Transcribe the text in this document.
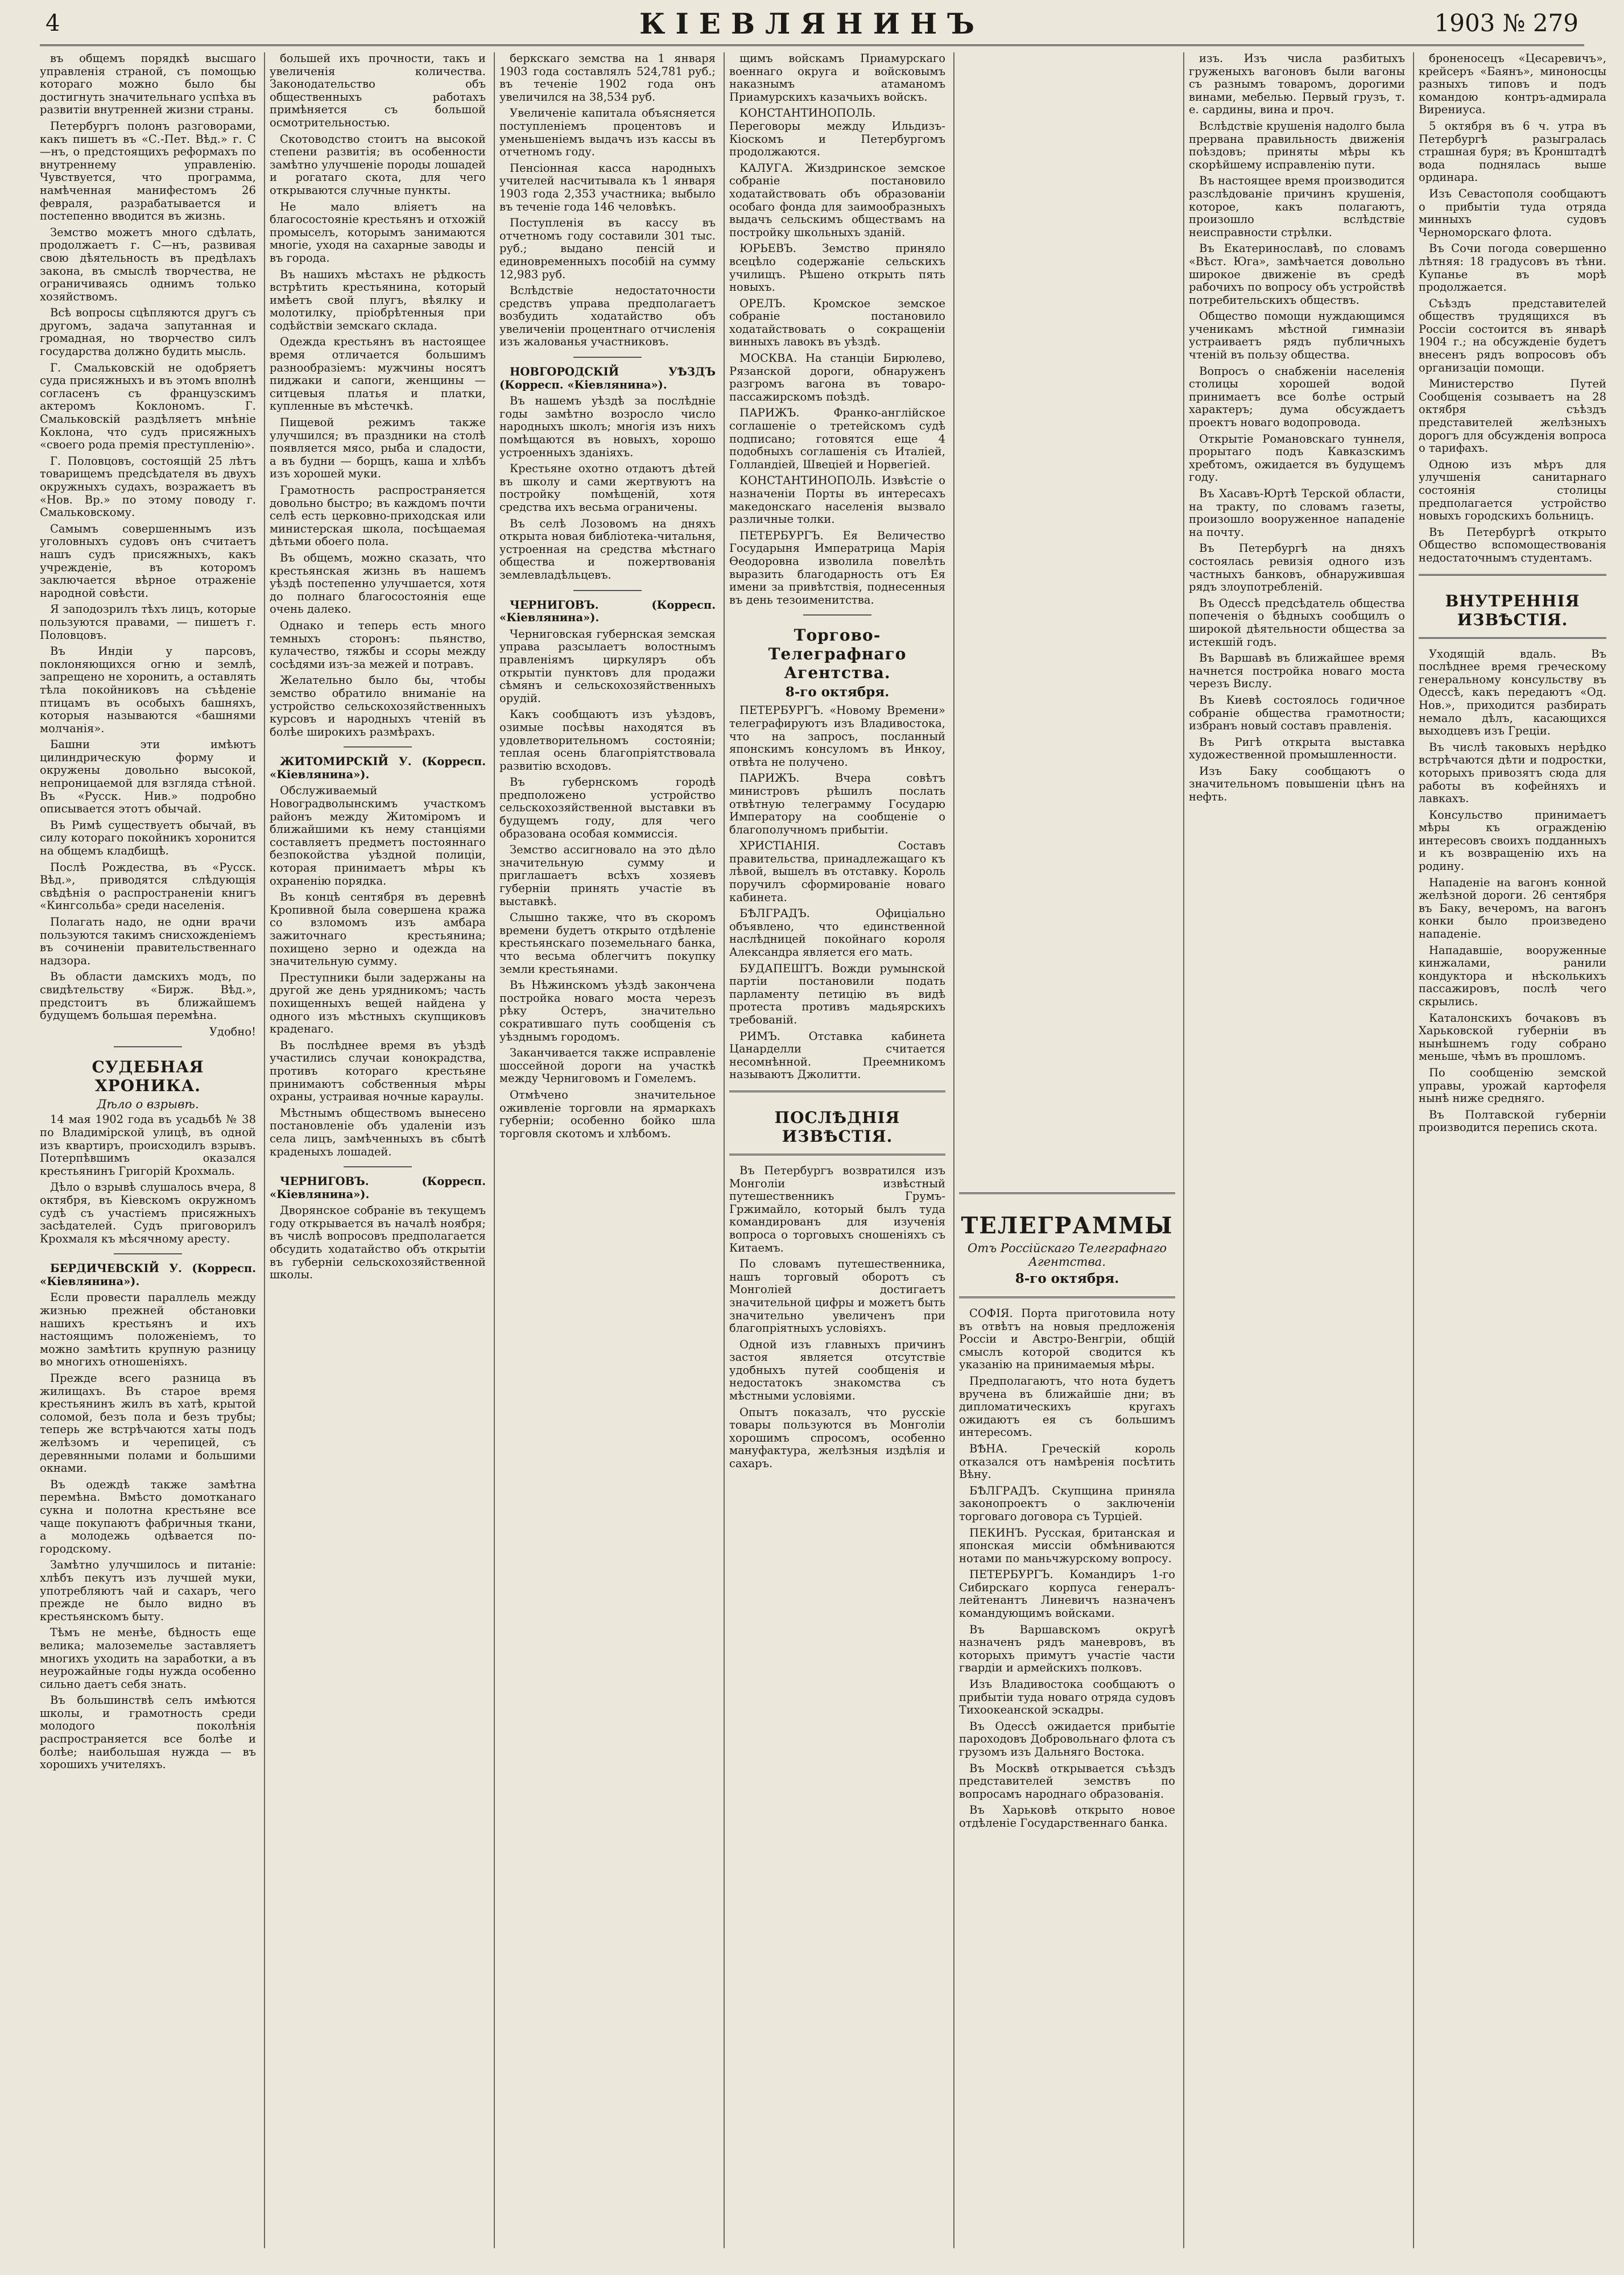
4	КІЕВЛЯНИНЪ	1903 № 279

въ общемъ порядкѣ высшаго управленія страной, съ помощью котораго можно было бы достигнуть значительнаго успѣха въ развитіи внутренней жизни страны.

Петербургъ полонъ разговорами, какъ пишетъ въ «С.-Пет. Вѣд.» г. С—нъ, о предстоящихъ реформахъ по внутреннему управленію. Чувствуется, что программа, намѣченная манифестомъ 26 февраля, разрабатывается и постепенно вводится въ жизнь.

Земство можетъ много сдѣлать, продолжаетъ г. С—нъ, развивая свою дѣятельность въ предѣлахъ закона, въ смыслѣ творчества, не ограничиваясь однимъ только хозяйствомъ.

Всѣ вопросы сцѣпляются другъ съ другомъ, задача запутанная и громадная, но творчество силъ государства должно будить мысль.

Г. Смальковскій не одобряетъ суда присяжныхъ и въ этомъ вполнѣ согласенъ съ французскимъ актеромъ Коклономъ. Г. Смальковскій раздѣляетъ мнѣніе Коклона, что судъ присяжныхъ «своего рода премія преступленію».

Г. Половцовъ, состоящій 25 лѣтъ товарищемъ предсѣдателя въ двухъ окружныхъ судахъ, возражаетъ въ «Нов. Вр.» по этому поводу г. Смальковскому.

Самымъ совершеннымъ изъ уголовныхъ судовъ онъ считаетъ нашъ судъ присяжныхъ, какъ учрежденіе, въ которомъ заключается вѣрное отраженіе народной совѣсти.

Я заподозрилъ тѣхъ лицъ, которые пользуются правами, — пишетъ г. Половцовъ.

Въ Индіи у парсовъ, поклоняющихся огню и землѣ, запрещено не хоронить, а оставлять тѣла покойниковъ на съѣденіе птицамъ въ особыхъ башняхъ, которыя называются «башнями молчанія».

Башни эти имѣютъ цилиндрическую форму и окружены довольно высокой, непроницаемой для взгляда стѣной. Въ «Русск. Нив.» подробно описывается этотъ обычай.

Въ Римѣ существуетъ обычай, въ силу котораго покойникъ хоронится на общемъ кладбищѣ.

Послѣ Рождества, въ «Русск. Вѣд.», приводятся слѣдующія свѣдѣнія о распространеніи книгъ «Кингсольба» среди населенія.

Полагать надо, не одни врачи пользуются такимъ снисхожденіемъ въ сочиненіи правительственнаго надзора.

Въ области дамскихъ модъ, по свидѣтельству «Бирж. Вѣд.», предстоитъ въ ближайшемъ будущемъ большая перемѣна.

Удобно!

СУДЕБНАЯ ХРОНИКА.
Дѣло о взрывѣ.

14 мая 1902 года въ усадьбѣ № 38 по Владимірской улицѣ, въ одной изъ квартиръ, происходилъ взрывъ. Потерпѣвшимъ оказался крестьянинъ Григорій Крохмаль.

Дѣло о взрывѣ слушалось вчера, 8 октября, въ Кіевскомъ окружномъ судѣ съ участіемъ присяжныхъ засѣдателей. Судъ приговорилъ Крохмаля къ мѣсячному аресту.

БЕРДИЧЕВСКІЙ У. (Корресп. «Кіевлянина»).

Если провести параллель между жизнью прежней обстановки нашихъ крестьянъ и ихъ настоящимъ положеніемъ, то можно замѣтить крупную разницу во многихъ отношеніяхъ.

Прежде всего разница въ жилищахъ. Въ старое время крестьянинъ жилъ въ хатѣ, крытой соломой, безъ пола и безъ трубы; теперь же встрѣчаются хаты подъ желѣзомъ и черепицей, съ деревянными полами и большими окнами.

Въ одеждѣ также замѣтна перемѣна. Вмѣсто домотканаго сукна и полотна крестьяне все чаще покупаютъ фабричныя ткани, а молодежь одѣвается по-городскому.

Замѣтно улучшилось и питаніе: хлѣбъ пекутъ изъ лучшей муки, употребляютъ чай и сахаръ, чего прежде не было видно въ крестьянскомъ быту.

Тѣмъ не менѣе, бѣдность еще велика; малоземелье заставляетъ многихъ уходить на заработки, а въ неурожайные годы нужда особенно сильно даетъ себя знать.

Въ большинствѣ селъ имѣются школы, и грамотность среди молодого поколѣнія распространяется все болѣе и болѣе; наибольшая нужда — въ хорошихъ учителяхъ.

большей ихъ прочности, такъ и увеличенія количества. Законодательство объ общественныхъ работахъ примѣняется съ большой осмотрительностью.

Скотоводство стоитъ на высокой степени развитія; въ особенности замѣтно улучшеніе породы лошадей и рогатаго скота, для чего открываются случные пункты.

Не мало вліяетъ на благосостояніе крестьянъ и отхожій промыселъ, которымъ занимаются многіе, уходя на сахарные заводы и въ города.

Въ нашихъ мѣстахъ не рѣдкость встрѣтить крестьянина, который имѣетъ свой плугъ, вѣялку и молотилку, пріобрѣтенныя при содѣйствіи земскаго склада.

Одежда крестьянъ въ настоящее время отличается большимъ разнообразіемъ: мужчины носятъ пиджаки и сапоги, женщины — ситцевыя платья и платки, купленные въ мѣстечкѣ.

Пищевой режимъ также улучшился; въ праздники на столѣ появляется мясо, рыба и сладости, а въ будни — борщъ, каша и хлѣбъ изъ хорошей муки.

Грамотность распространяется довольно быстро; въ каждомъ почти селѣ есть церковно-приходская или министерская школа, посѣщаемая дѣтьми обоего пола.

Въ общемъ, можно сказать, что крестьянская жизнь въ нашемъ уѣздѣ постепенно улучшается, хотя до полнаго благосостоянія еще очень далеко.

Однако и теперь есть много темныхъ сторонъ: пьянство, кулачество, тяжбы и ссоры между сосѣдями изъ-за межей и потравъ.

Желательно было бы, чтобы земство обратило вниманіе на устройство сельскохозяйственныхъ курсовъ и народныхъ чтеній въ болѣе широкихъ размѣрахъ.

ЖИТОМИРСКІЙ У. (Корресп. «Кіевлянина»).

Обслуживаемый Новоградволынскимъ участкомъ районъ между Житоміромъ и ближайшими къ нему станціями составляетъ предметъ постояннаго безпокойства уѣздной полиціи, которая принимаетъ мѣры къ охраненію порядка.

Въ концѣ сентября въ деревнѣ Кропивной была совершена кража со взломомъ изъ амбара зажиточнаго крестьянина; похищено зерно и одежда на значительную сумму.

Преступники были задержаны на другой же день урядникомъ; часть похищенныхъ вещей найдена у одного изъ мѣстныхъ скупщиковъ краденаго.

Въ послѣднее время въ уѣздѣ участились случаи конокрадства, противъ котораго крестьяне принимаютъ собственныя мѣры охраны, устраивая ночные караулы.

Мѣстнымъ обществомъ вынесено постановленіе объ удаленіи изъ села лицъ, замѣченныхъ въ сбытѣ краденыхъ лошадей.

ЧЕРНИГОВЪ. (Корресп. «Кіевлянина»).

Дворянское собраніе въ текущемъ году открывается въ началѣ ноября; въ числѣ вопросовъ предполагается обсудить ходатайство объ открытіи въ губерніи сельскохозяйственной школы.

беркскаго земства на 1 января 1903 года составлялъ 524,781 руб.; въ теченіе 1902 года онъ увеличился на 38,534 руб.

Увеличеніе капитала объясняется поступленіемъ процентовъ и уменьшеніемъ выдачъ изъ кассы въ отчетномъ году.

Пенсіонная касса народныхъ учителей насчитывала къ 1 января 1903 года 2,353 участника; выбыло въ теченіе года 146 человѣкъ.

Поступленія въ кассу въ отчетномъ году составили 301 тыс. руб.; выдано пенсій и единовременныхъ пособій на сумму 12,983 руб.

Вслѣдствіе недостаточности средствъ управа предполагаетъ возбудить ходатайство объ увеличеніи процентнаго отчисленія изъ жалованья участниковъ.

НОВГОРОДСКІЙ УѢЗДЪ (Корресп. «Кіевлянина»).

Въ нашемъ уѣздѣ за послѣдніе годы замѣтно возросло число народныхъ школъ; многія изъ нихъ помѣщаются въ новыхъ, хорошо устроенныхъ зданіяхъ.

Крестьяне охотно отдаютъ дѣтей въ школу и сами жертвуютъ на постройку помѣщеній, хотя средства ихъ весьма ограничены.

Въ селѣ Лозовомъ на дняхъ открыта новая библіотека-читальня, устроенная на средства мѣстнаго общества и пожертвованія землевладѣльцевъ.

ЧЕРНИГОВЪ. (Корресп. «Кіевлянина»).

Черниговская губернская земская управа разсылаетъ волостнымъ правленіямъ циркуляръ объ открытіи пунктовъ для продажи сѣмянъ и сельскохозяйственныхъ орудій.

Какъ сообщаютъ изъ уѣздовъ, озимые посѣвы находятся въ удовлетворительномъ состояніи; теплая осень благопріятствовала развитію всходовъ.

Въ губернскомъ городѣ предположено устройство сельскохозяйственной выставки въ будущемъ году, для чего образована особая коммиссія.

Земство ассигновало на это дѣло значительную сумму и приглашаетъ всѣхъ хозяевъ губерніи принять участіе въ выставкѣ.

Слышно также, что въ скоромъ времени будетъ открыто отдѣленіе крестьянскаго поземельнаго банка, что весьма облегчитъ покупку земли крестьянами.

Въ Нѣжинскомъ уѣздѣ закончена постройка новаго моста черезъ рѣку Остеръ, значительно сократившаго путь сообщенія съ уѣзднымъ городомъ.

Заканчивается также исправленіе шоссейной дороги на участкѣ между Черниговомъ и Гомелемъ.

Отмѣчено значительное оживленіе торговли на ярмаркахъ губерніи; особенно бойко шла торговля скотомъ и хлѣбомъ.

щимъ войскамъ Приамурскаго военнаго округа и войсковымъ наказнымъ атаманомъ Приамурскихъ казачьихъ войскъ.

КОНСТАНТИНОПОЛЬ. Переговоры между Ильдизъ-Кіоскомъ и Петербургомъ продолжаются.

КАЛУГА. Жиздринское земское собраніе постановило ходатайствовать объ образованіи особаго фонда для заимообразныхъ выдачъ сельскимъ обществамъ на постройку школьныхъ зданій.

ЮРЬЕВЪ. Земство приняло всецѣло содержаніе сельскихъ училищъ. Рѣшено открыть пять новыхъ.

ОРЕЛЪ. Кромское земское собраніе постановило ходатайствовать о сокращеніи винныхъ лавокъ въ уѣздѣ.

МОСКВА. На станціи Бирюлево, Рязанской дороги, обнаруженъ разгромъ вагона въ товаро-пассажирскомъ поѣздѣ.

ПАРИЖЪ. Франко-англійское соглашеніе о третейскомъ судѣ подписано; готовятся еще 4 подобныхъ соглашенія съ Италіей, Голландіей, Швеціей и Норвегіей.

КОНСТАНТИНОПОЛЬ. Извѣстіе о назначеніи Порты въ интересахъ македонскаго населенія вызвало различные толки.

ПЕТЕРБУРГЪ. Ея Величество Государыня Императрица Марія Ѳеодоровна изволила повелѣть выразить благодарность отъ Ея имени за привѣтствія, поднесенныя въ день тезоименитства.

Торгово-Телеграфнаго Агентства.
8-го октября.

ПЕТЕРБУРГЪ. «Новому Времени» телеграфируютъ изъ Владивостока, что на запросъ, посланный японскимъ консуломъ въ Инкоу, отвѣта не получено.

ПАРИЖЪ. Вчера совѣтъ министровъ рѣшилъ послать отвѣтную телеграмму Государю Императору на сообщеніе о благополучномъ прибытіи.

ХРИСТІАНІЯ. Составъ правительства, принадлежащаго къ лѣвой, вышелъ въ отставку. Король поручилъ сформированіе новаго кабинета.

БѢЛГРАДЪ. Офиціально объявлено, что единственной наслѣдницей покойнаго короля Александра является его мать.

БУДАПЕШТЪ. Вожди румынской партіи постановили подать парламенту петицію въ видѣ протеста противъ мадьярскихъ требованій.

РИМЪ. Отставка кабинета Цанарделли считается несомнѣнной. Преемникомъ называютъ Джолитти.

ПОСЛѢДНІЯ ИЗВѢСТІЯ.

Въ Петербургъ возвратился изъ Монголіи извѣстный путешественникъ Грумъ-Гржимайло, который былъ туда командированъ для изученія вопроса о торговыхъ сношеніяхъ съ Китаемъ.

По словамъ путешественника, нашъ торговый оборотъ съ Монголіей достигаетъ значительной цифры и можетъ быть значительно увеличенъ при благопріятныхъ условіяхъ.

Одной изъ главныхъ причинъ застоя является отсутствіе удобныхъ путей сообщенія и недостатокъ знакомства съ мѣстными условіями.

Опытъ показалъ, что русскіе товары пользуются въ Монголіи хорошимъ спросомъ, особенно мануфактура, желѣзныя издѣлія и сахаръ.

ТЕЛЕГРАММЫ
Отъ Россійскаго Телеграфнаго Агентства.
8-го октября.

СОФІЯ. Порта приготовила ноту въ отвѣтъ на новыя предложенія Россіи и Австро-Венгріи, общій смыслъ которой сводится къ указанію на принимаемыя мѣры.

Предполагаютъ, что нота будетъ вручена въ ближайшіе дни; въ дипломатическихъ кругахъ ожидаютъ ея съ большимъ интересомъ.

ВѢНА. Греческій король отказался отъ намѣренія посѣтить Вѣну.

БѢЛГРАДЪ. Скупщина приняла законопроектъ о заключеніи торговаго договора съ Турціей.

ПЕКИНЪ. Русская, британская и японская миссіи обмѣниваются нотами по маньчжурскому вопросу.

ПЕТЕРБУРГЪ. Командиръ 1-го Сибирскаго корпуса генералъ-лейтенантъ Линевичъ назначенъ командующимъ войсками.

Въ Варшавскомъ округѣ назначенъ рядъ маневровъ, въ которыхъ примутъ участіе части гвардіи и армейскихъ полковъ.

Изъ Владивостока сообщаютъ о прибытіи туда новаго отряда судовъ Тихоокеанской эскадры.

Въ Одессѣ ожидается прибытіе пароходовъ Добровольнаго флота съ грузомъ изъ Дальняго Востока.

Въ Москвѣ открывается съѣздъ представителей земствъ по вопросамъ народнаго образованія.

Въ Харьковѣ открыто новое отдѣленіе Государственнаго банка.

изъ. Изъ числа разбитыхъ груженыхъ вагоновъ были вагоны съ разнымъ товаромъ, дорогими винами, мебелью. Первый грузъ, т. е. сардины, вина и проч.

Вслѣдствіе крушенія надолго была прервана правильность движенія поѣздовъ; приняты мѣры къ скорѣйшему исправленію пути.

Въ настоящее время производится разслѣдованіе причинъ крушенія, которое, какъ полагаютъ, произошло вслѣдствіе неисправности стрѣлки.

Въ Екатеринославѣ, по словамъ «Вѣст. Юга», замѣчается довольно широкое движеніе въ средѣ рабочихъ по вопросу объ устройствѣ потребительскихъ обществъ.

Общество помощи нуждающимся ученикамъ мѣстной гимназіи устраиваетъ рядъ публичныхъ чтеній въ пользу общества.

Вопросъ о снабженіи населенія столицы хорошей водой принимаетъ все болѣе острый характеръ; дума обсуждаетъ проектъ новаго водопровода.

Открытіе Романовскаго туннеля, прорытаго подъ Кавказскимъ хребтомъ, ожидается въ будущемъ году.

Въ Хасавъ-Юртѣ Терской области, на тракту, по словамъ газеты, произошло вооруженное нападеніе на почту.

Въ Петербургѣ на дняхъ состоялась ревизія одного изъ частныхъ банковъ, обнаружившая рядъ злоупотребленій.

Въ Одессѣ предсѣдатель общества попеченія о бѣдныхъ сообщилъ о широкой дѣятельности общества за истекшій годъ.

Въ Варшавѣ въ ближайшее время начнется постройка новаго моста черезъ Вислу.

Въ Киевѣ состоялось годичное собраніе общества грамотности; избранъ новый составъ правленія.

Въ Ригѣ открыта выставка художественной промышленности.

Изъ Баку сообщаютъ о значительномъ повышеніи цѣнъ на нефть.

броненосецъ «Цесаревичъ», крейсеръ «Баянъ», миноносцы разныхъ типовъ и подъ командою контръ-адмирала Вирениуса.

5 октября въ 6 ч. утра въ Петербургѣ разыгралась страшная буря; въ Кронштадтѣ вода поднялась выше ординара.

Изъ Севастополя сообщаютъ о прибытіи туда отряда минныхъ судовъ Черноморскаго флота.

Въ Сочи погода совершенно лѣтняя: 18 градусовъ въ тѣни. Купанье въ морѣ продолжается.

Съѣздъ представителей обществъ трудящихся въ Россіи состоится въ январѣ 1904 г.; на обсужденіе будетъ внесенъ рядъ вопросовъ объ организаціи помощи.

Министерство Путей Сообщенія созываетъ на 28 октября съѣздъ представителей желѣзныхъ дорогъ для обсужденія вопроса о тарифахъ.

Одною изъ мѣръ для улучшенія санитарнаго состоянія столицы предполагается устройство новыхъ городскихъ больницъ.

Въ Петербургѣ открыто Общество вспомоществованія недостаточнымъ студентамъ.

ВНУТРЕННІЯ ИЗВѢСТІЯ.

Уходящій вдаль. Въ послѣднее время греческому генеральному консульству въ Одессѣ, какъ передаютъ «Од. Нов.», приходится разбирать немало дѣлъ, касающихся выходцевъ изъ Греціи.

Въ числѣ таковыхъ нерѣдко встрѣчаются дѣти и подростки, которыхъ привозятъ сюда для работы въ кофейняхъ и лавкахъ.

Консульство принимаетъ мѣры къ огражденію интересовъ своихъ подданныхъ и къ возвращенію ихъ на родину.

Нападеніе на вагонъ конной желѣзной дороги. 26 сентября въ Баку, вечеромъ, на вагонъ конки было произведено нападеніе.

Нападавшіе, вооруженные кинжалами, ранили кондуктора и нѣсколькихъ пассажировъ, послѣ чего скрылись.

Каталонскихъ бочаковъ въ Харьковской губерніи въ нынѣшнемъ году собрано меньше, чѣмъ въ прошломъ.

По сообщенію земской управы, урожай картофеля нынѣ ниже средняго.

Въ Полтавской губерніи производится перепись скота.
